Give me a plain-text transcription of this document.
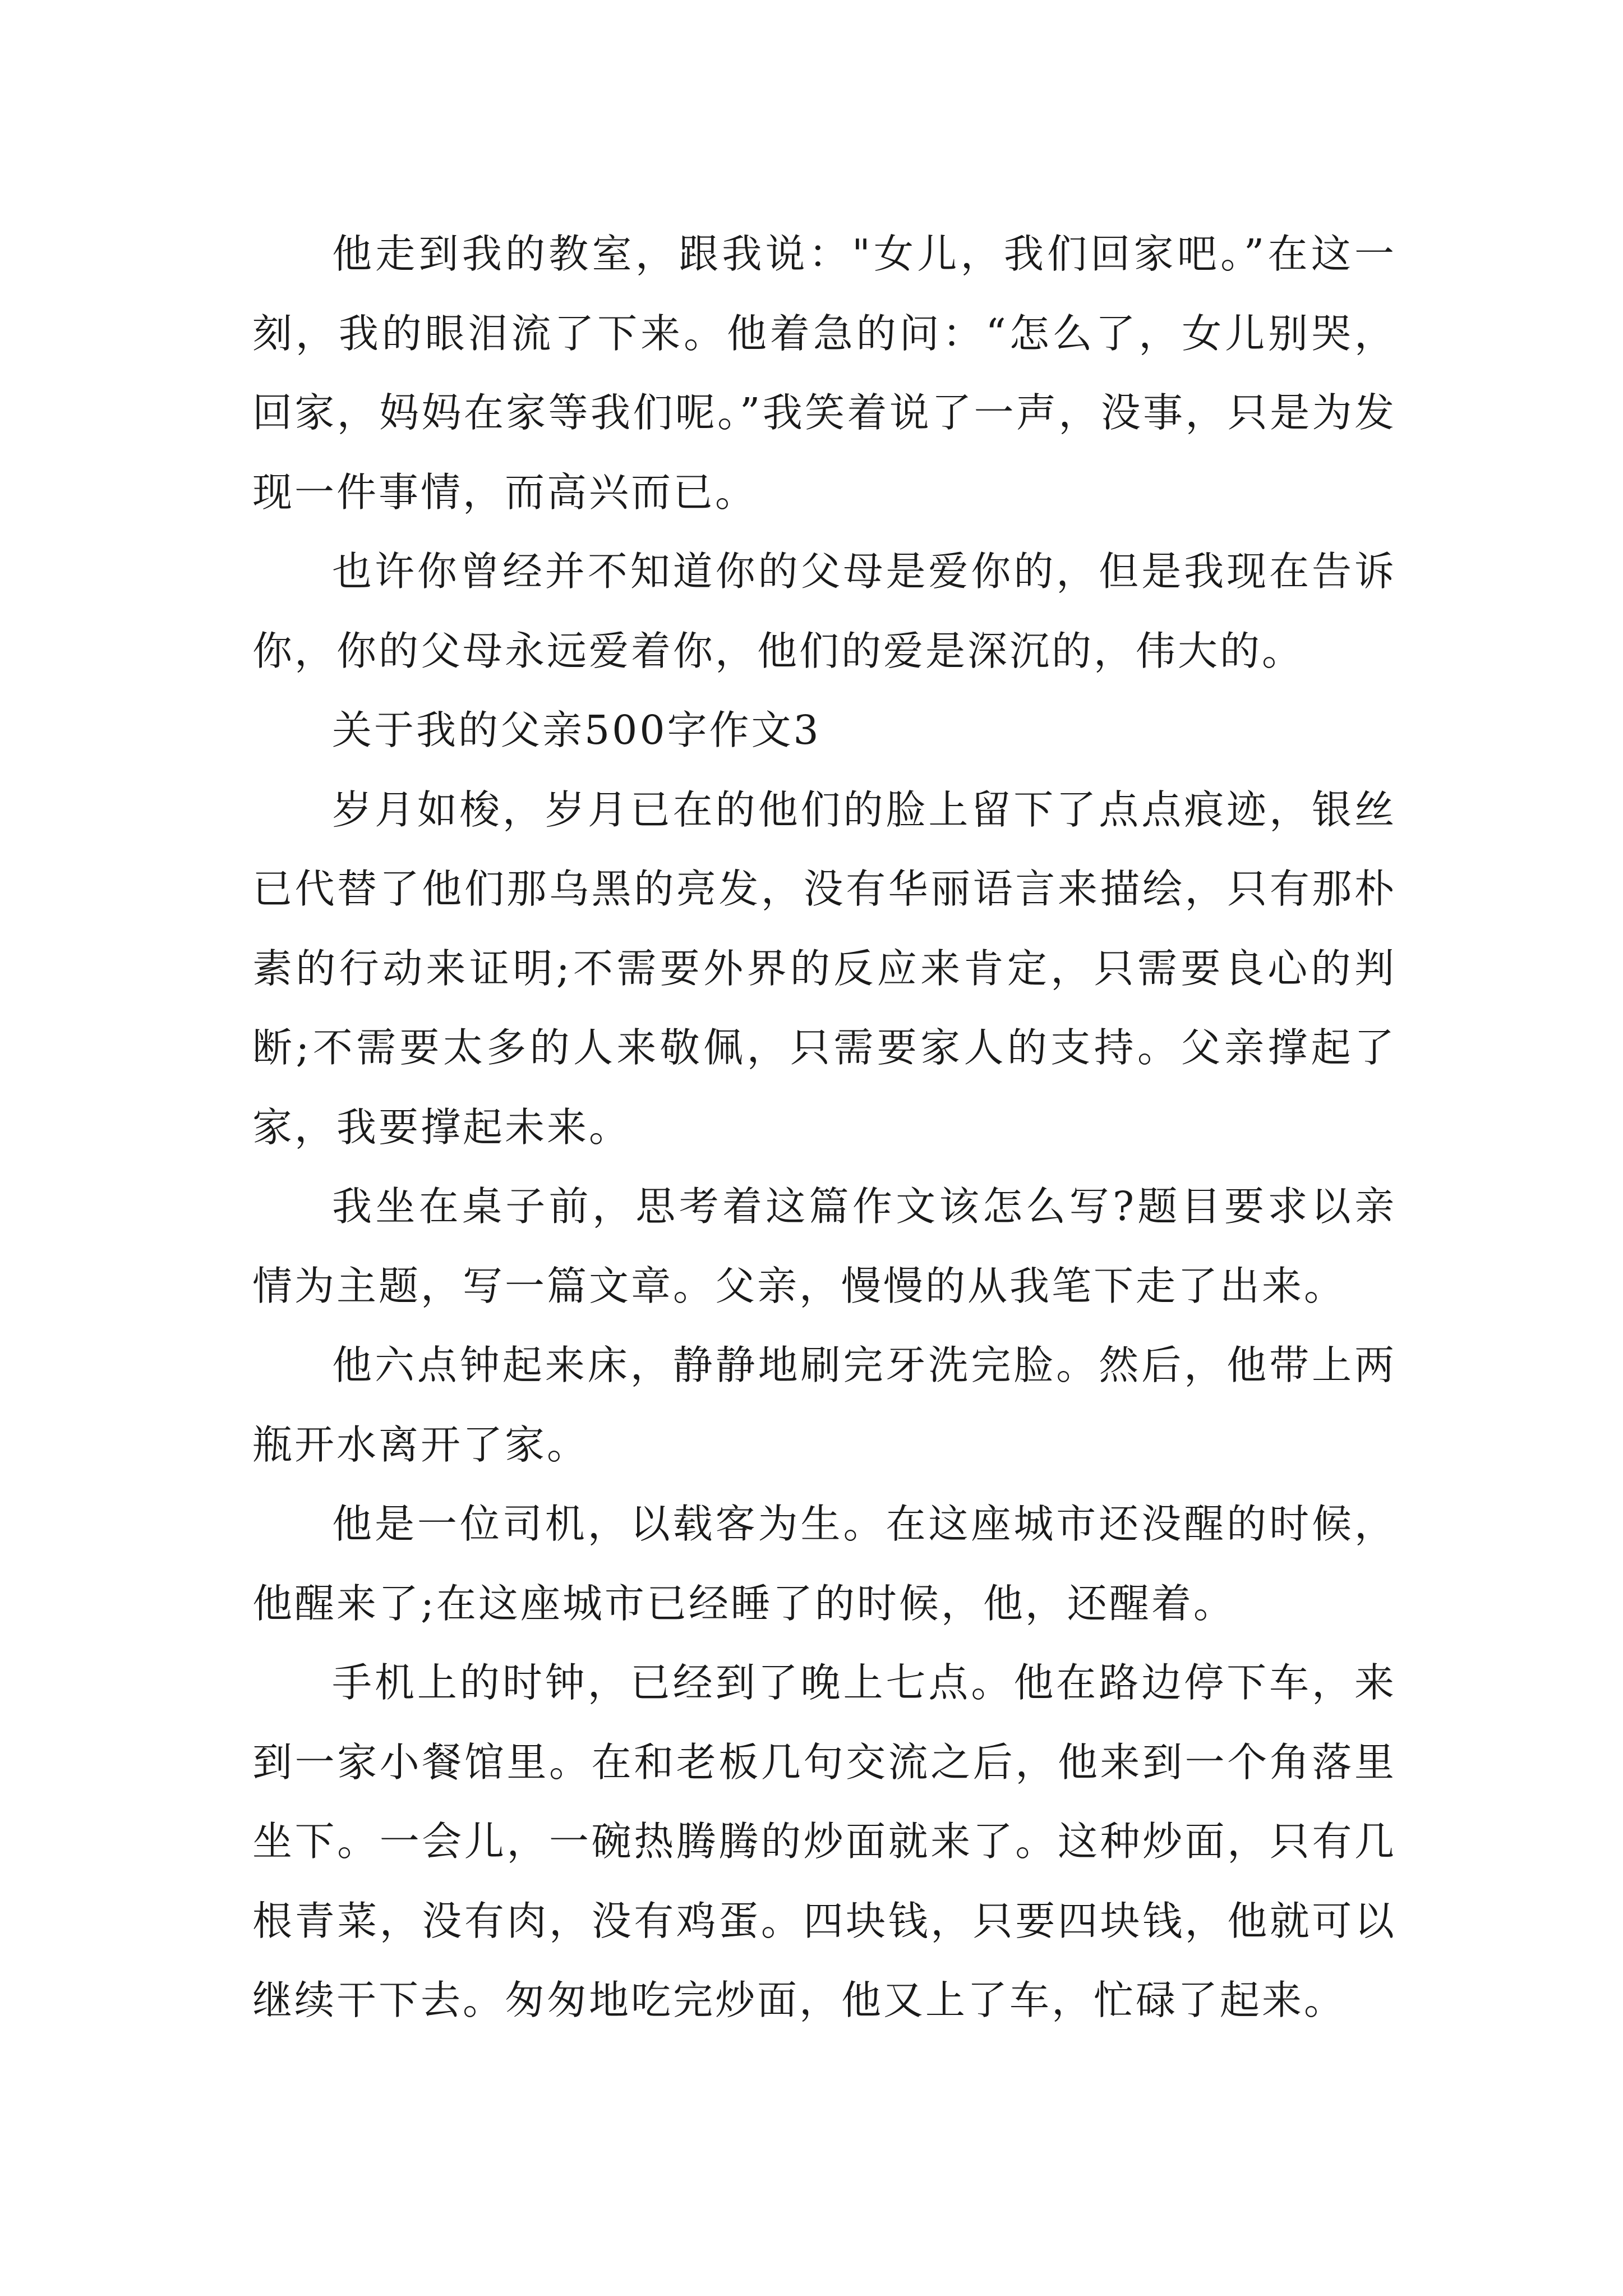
他走到我的教室，跟我说："女儿，我们回家吧。”在这一刻，我的眼泪流了下来。他着急的问：“怎么了，女儿别哭，回家，妈妈在家等我们呢。”我笑着说了一声，没事，只是为发现一件事情，而高兴而已。

也许你曾经并不知道你的父母是爱你的，但是我现在告诉你，你的父母永远爱着你，他们的爱是深沉的，伟大的。

关于我的父亲500字作文3

岁月如梭，岁月已在的他们的脸上留下了点点痕迹，银丝已代替了他们那乌黑的亮发，没有华丽语言来描绘，只有那朴素的行动来证明;不需要外界的反应来肯定，只需要良心的判断;不需要太多的人来敬佩，只需要家人的支持。父亲撑起了家，我要撑起未来。

我坐在桌子前，思考着这篇作文该怎么写?题目要求以亲情为主题，写一篇文章。父亲，慢慢的从我笔下走了出来。

他六点钟起来床，静静地刷完牙洗完脸。然后，他带上两瓶开水离开了家。

他是一位司机，以载客为生。在这座城市还没醒的时候，他醒来了;在这座城市已经睡了的时候，他，还醒着。

手机上的时钟，已经到了晚上七点。他在路边停下车，来到一家小餐馆里。在和老板几句交流之后，他来到一个角落里坐下。一会儿，一碗热腾腾的炒面就来了。这种炒面，只有几根青菜，没有肉，没有鸡蛋。四块钱，只要四块钱，他就可以继续干下去。匆匆地吃完炒面，他又上了车，忙碌了起来。
